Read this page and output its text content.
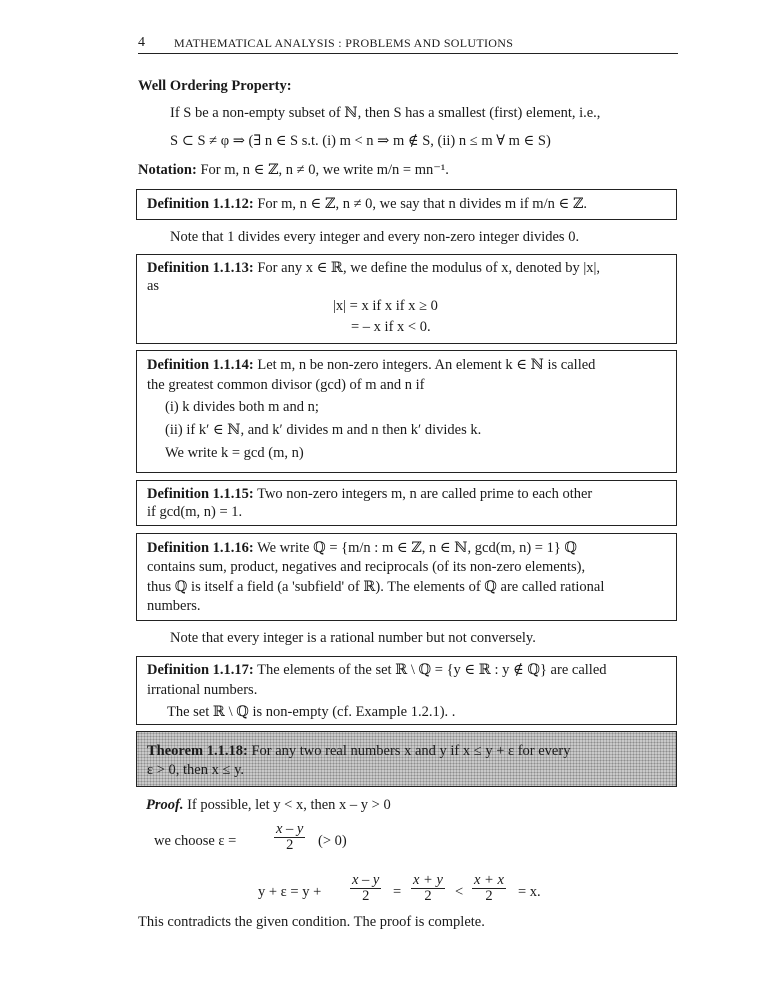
4 MATHEMATICAL ANALYSIS : PROBLEMS AND SOLUTIONS
Well Ordering Property:
If S be a non-empty subset of ℕ, then S has a smallest (first) element, i.e.,
S ⊂ S ≠ φ ⇒ (∃ n ∈ S s.t. (i) m < n ⇒ m ∉ S, (ii) n ≤ m ∀ m ∈ S)
Notation: For m, n ∈ ℤ, n ≠ 0, we write m/n = mn⁻¹.
Definition 1.1.12: For m, n ∈ ℤ, n ≠ 0, we say that n divides m if m/n ∈ ℤ.
Note that 1 divides every integer and every non-zero integer divides 0.
Definition 1.1.13: For any x ∈ ℝ, we define the modulus of x, denoted by |x|,
as
|x| = x if x if x ≥ 0
= – x if x < 0.
Definition 1.1.14: Let m, n be non-zero integers. An element k ∈ ℕ is called
the greatest common divisor (gcd) of m and n if
(i) k divides both m and n;
(ii) if k′ ∈ ℕ, and k′ divides m and n then k′ divides k.
We write k = gcd (m, n)
Definition 1.1.15: Two non-zero integers m, n are called prime to each other
if gcd(m, n) = 1.
Definition 1.1.16: We write ℚ = {m/n : m ∈ ℤ, n ∈ ℕ, gcd(m, n) = 1} ℚ
contains sum, product, negatives and reciprocals (of its non-zero elements),
thus ℚ is itself a field (a 'subfield' of ℝ). The elements of ℚ are called rational
numbers.
Note that every integer is a rational number but not conversely.
Definition 1.1.17: The elements of the set ℝ \ ℚ = {y ∈ ℝ : y ∉ ℚ} are called
irrational numbers.
The set ℝ \ ℚ is non-empty (cf. Example 1.2.1). .
Theorem 1.1.18: For any two real numbers x and y if x ≤ y + ε for every
ε > 0, then x ≤ y.
Proof. If possible, let y < x, then x – y > 0
we choose ε =	$\frac{x - y}{2}$ (> 0)
$y + \varepsilon = y + \frac{x - y}{2} = \frac{x + y}{2} < \frac{x + x}{2} = x$.
This contradicts the given condition. The proof is complete.
